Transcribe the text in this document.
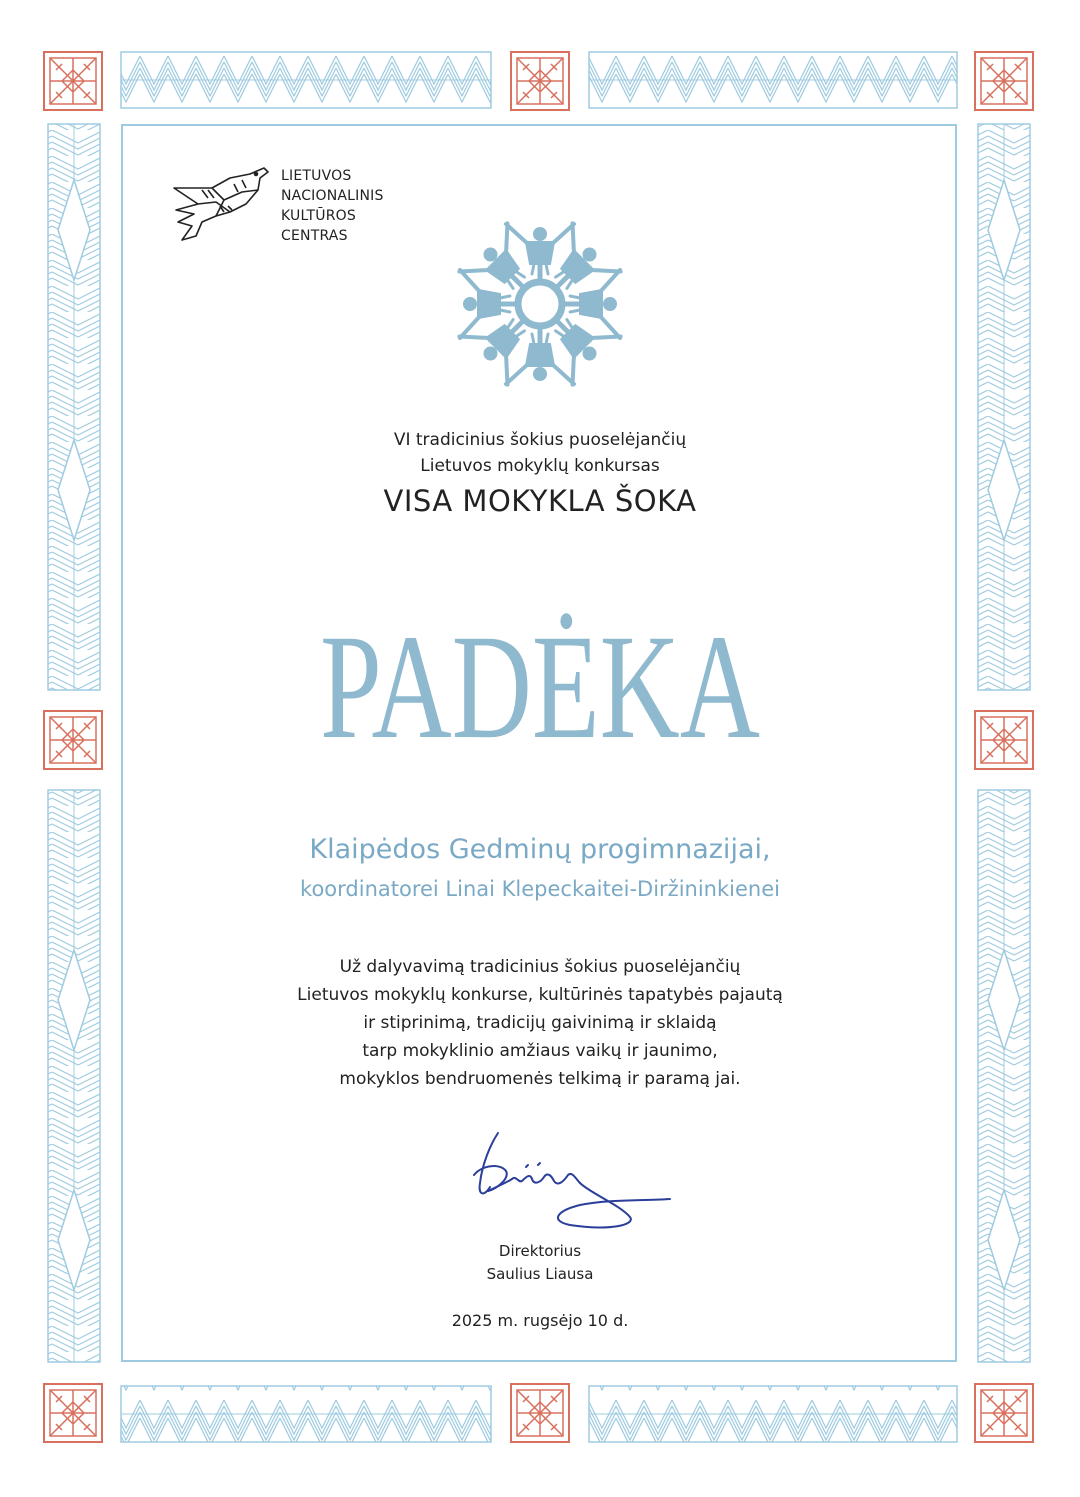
LIETUVOS
NACIONALINIS
KULTŪROS
CENTRAS
VI tradicinius šokius puoselėjančių
Lietuvos mokyklų konkursas
VISA MOKYKLA ŠOKA
PADĖKA
Klaipėdos Gedminų progimnazijai,
koordinatorei Linai Klepeckaitei-Diržininkienei
Už dalyvavimą tradicinius šokius puoselėjančių
Lietuvos mokyklų konkurse, kultūrinės tapatybės pajautą
ir stiprinimą, tradicijų gaivinimą ir sklaidą
tarp mokyklinio amžiaus vaikų ir jaunimo,
mokyklos bendruomenės telkimą ir paramą jai.
Direktorius
Saulius Liausa
2025 m. rugsėjo 10 d.
